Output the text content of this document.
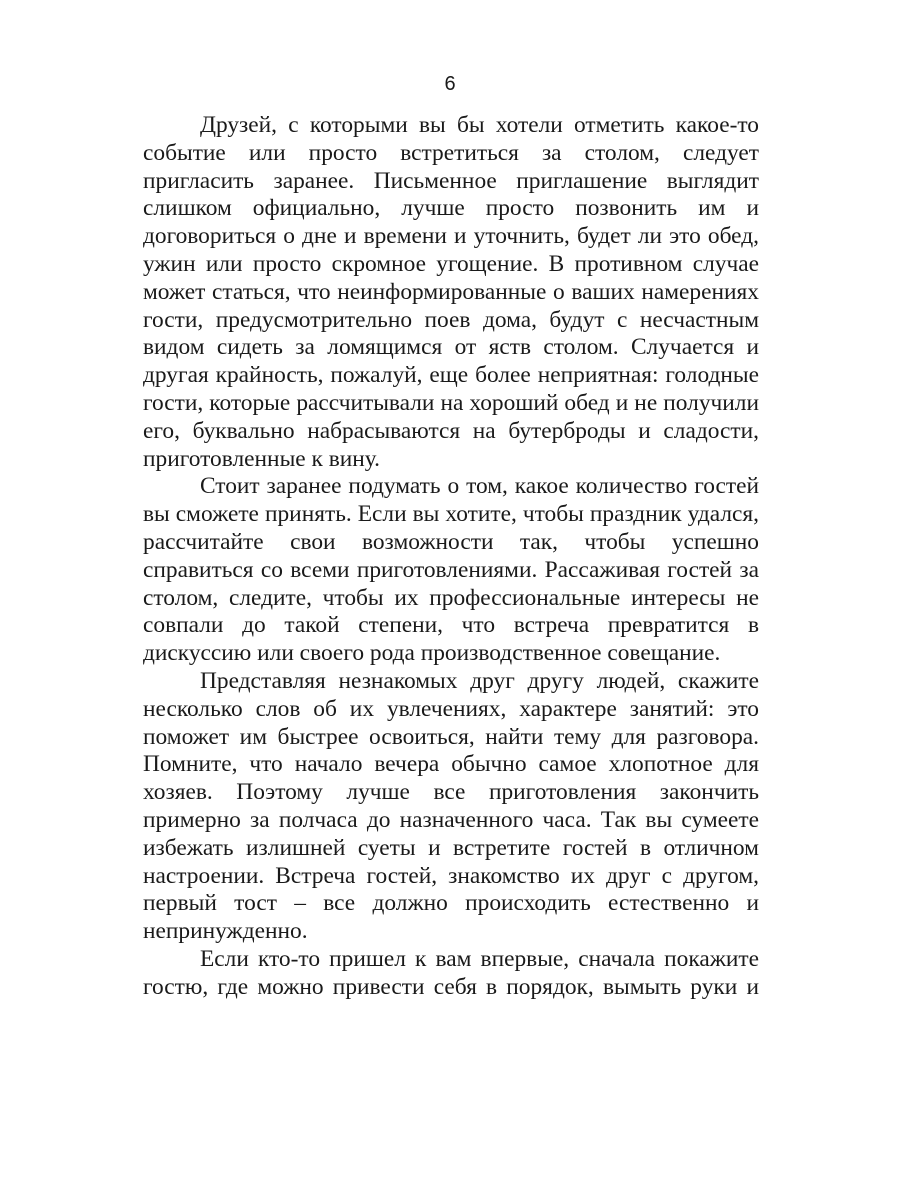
6

Друзей, с которыми вы бы хотели отметить какое-то событие или просто встретиться за столом, следует пригласить заранее. Письменное приглашение выглядит слишком официально, лучше просто позвонить им и договориться о дне и времени и уточнить, будет ли это обед, ужин или просто скромное угощение. В противном случае может статься, что неинформированные о ваших намерениях гости, предусмотрительно поев дома, будут с несчастным видом сидеть за ломящимся от яств столом. Случается и другая крайность, пожалуй, еще более неприятная: голодные гости, которые рассчитывали на хороший обед и не получили его, буквально набрасываются на бутерброды и сладости, приготовленные к вину.

Стоит заранее подумать о том, какое количество гостей вы сможете принять. Если вы хотите, чтобы праздник удался, рассчитайте свои возможности так, чтобы успешно справиться со всеми приготовлениями. Рассаживая гостей за столом, следите, чтобы их профессиональные интересы не совпали до такой степени, что встреча превратится в дискуссию или своего рода производственное совещание.

Представляя незнакомых друг другу людей, скажите несколько слов об их увлечениях, характере занятий: это поможет им быстрее освоиться, найти тему для разговора. Помните, что начало вечера обычно самое хлопотное для хозяев. Поэтому лучше все приготовления закончить примерно за полчаса до назначенного часа. Так вы сумеете избежать излишней суеты и встретите гостей в отличном настроении. Встреча гостей, знакомство их друг с другом, первый тост – все должно происходить естественно и непринужденно.

Если кто-то пришел к вам впервые, сначала покажите гостю, где можно привести себя в порядок, вымыть руки и
